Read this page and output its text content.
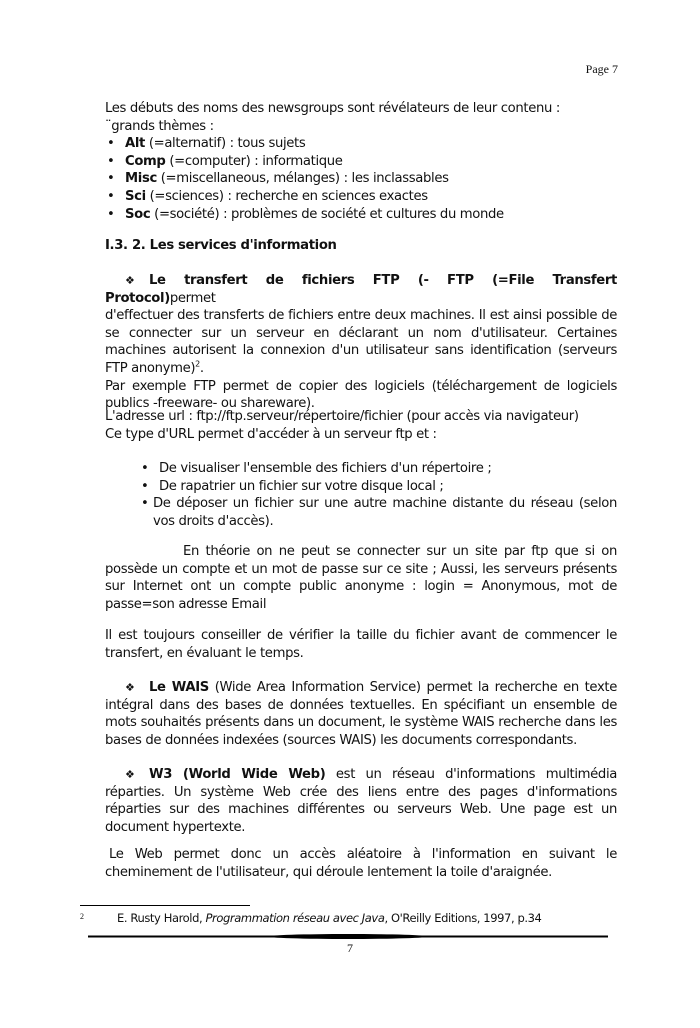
Page 7

Les débuts des noms des newsgroups sont révélateurs de leur contenu :

¨grands thèmes :

• Alt (=alternatif) : tous sujets
• Comp (=computer) : informatique
• Misc (=miscellaneous, mélanges) : les inclassables
• Sci (=sciences) : recherche en sciences exactes
• Soc (=société) : problèmes de société et cultures du monde
I.3. 2. Les services d'information

❖ Le transfert de fichiers FTP (- FTP (=File Transfert Protocol)permet

d'effectuer des transferts de fichiers entre deux machines. Il est ainsi possible de se connecter sur un serveur en déclarant un nom d'utilisateur. Certaines machines autorisent la connexion d'un utilisateur sans identification (serveurs FTP anonyme)$^2$.

Par exemple FTP permet de copier des logiciels (téléchargement de logiciels publics -freeware- ou shareware).

L'adresse url : ftp://ftp.serveur/répertoire/fichier (pour accès via navigateur)

Ce type d'URL permet d'accéder à un serveur ftp et :

• De visualiser l'ensemble des fichiers d'un répertoire ;
• De rapatrier un fichier sur votre disque local ;
• De déposer un fichier sur une autre machine distante du réseau (selon vos droits d'accès).
En théorie on ne peut se connecter sur un site par ftp que si on possède un compte et un mot de passe sur ce site ; Aussi, les serveurs présents sur Internet ont un compte public anonyme : login = Anonymous, mot de passe=son adresse Email
Il est toujours conseiller de vérifier la taille du fichier avant de commencer le transfert, en évaluant le temps.
❖ Le WAIS (Wide Area Information Service) permet la recherche en texte intégral dans des bases de données textuelles. En spécifiant un ensemble de mots souhaités présents dans un document, le système WAIS recherche dans les bases de données indexées (sources WAIS) les documents correspondants.
❖ W3 (World Wide Web) est un réseau d'informations multimédia réparties. Un système Web crée des liens entre des pages d'informations réparties sur des machines différentes ou serveurs Web. Une page est un document hypertexte.
Le Web permet donc un accès aléatoire à l'information en suivant le cheminement de l'utilisateur, qui déroule lentement la toile d'araignée.
2	E. Rusty Harold, Programmation réseau avec Java, O'Reilly Editions, 1997, p.34
7
